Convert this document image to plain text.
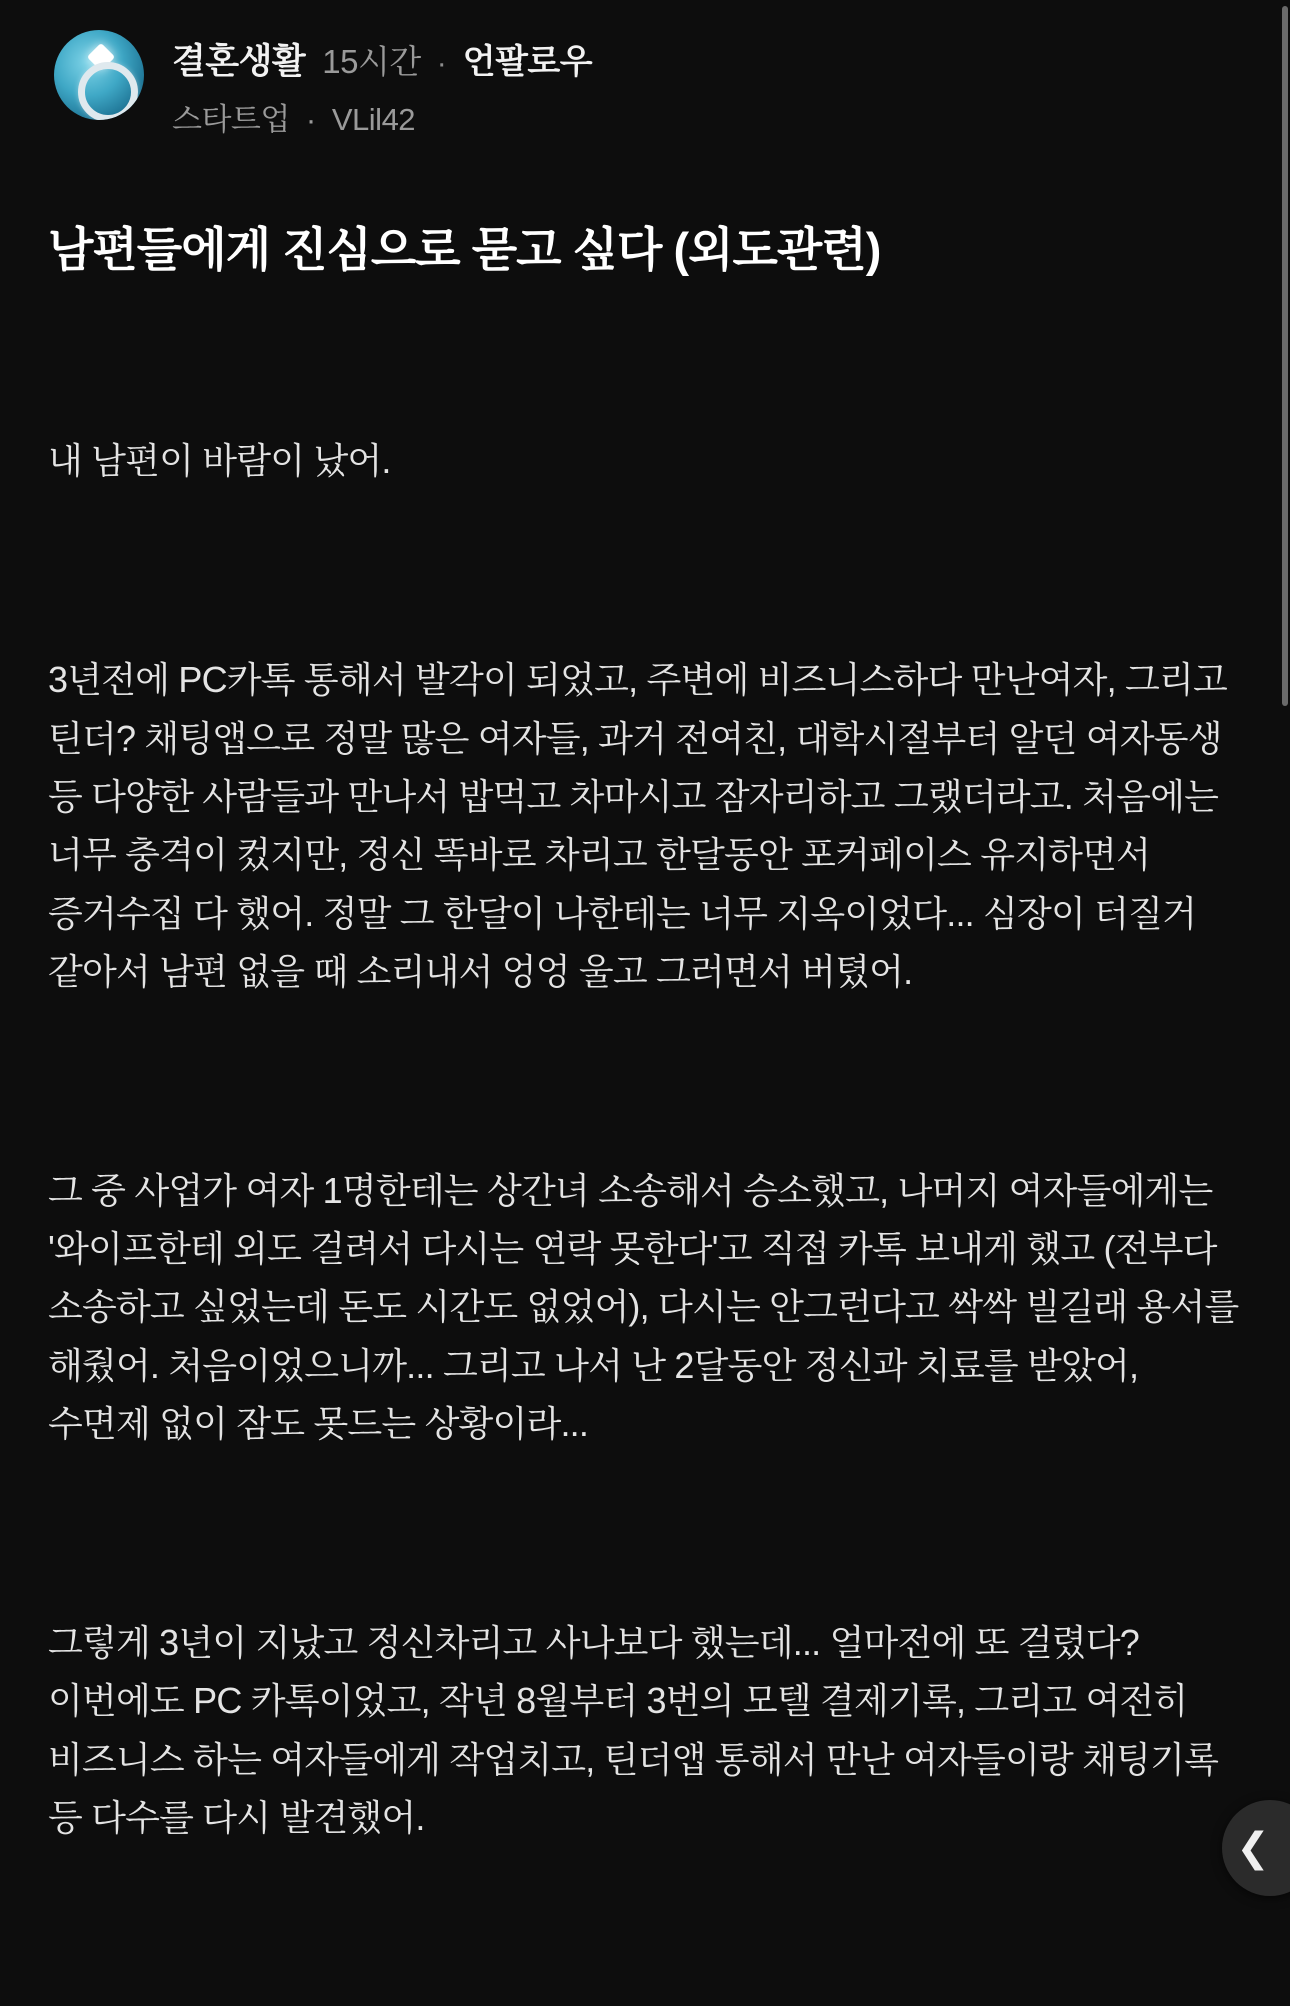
결혼생활 15시간 · 언팔로우
스타트업 · VLil42
남편들에게 진심으로 묻고 싶다 (외도관련)

내 남편이 바람이 났어.

3년전에 PC카톡 통해서 발각이 되었고, 주변에 비즈니스하다 만난여자, 그리고 틴더? 채팅앱으로 정말 많은 여자들, 과거 전여친, 대학시절부터 알던 여자동생 등 다양한 사람들과 만나서 밥먹고 차마시고 잠자리하고 그랬더라고. 처음에는 너무 충격이 컸지만, 정신 똑바로 차리고 한달동안 포커페이스 유지하면서 증거수집 다 했어. 정말 그 한달이 나한테는 너무 지옥이었다... 심장이 터질거 같아서 남편 없을 때 소리내서 엉엉 울고 그러면서 버텼어.

그 중 사업가 여자 1명한테는 상간녀 소송해서 승소했고, 나머지 여자들에게는 '와이프한테 외도 걸려서 다시는 연락 못한다'고 직접 카톡 보내게 했고 (전부다 소송하고 싶었는데 돈도 시간도 없었어), 다시는 안그런다고 싹싹 빌길래 용서를 해줬어. 처음이었으니까... 그리고 나서 난 2달동안 정신과 치료를 받았어, 수면제 없이 잠도 못드는 상황이라...

그렇게 3년이 지났고 정신차리고 사나보다 했는데... 얼마전에 또 걸렸다? 이번에도 PC 카톡이었고, 작년 8월부터 3번의 모텔 결제기록, 그리고 여전히 비즈니스 하는 여자들에게 작업치고, 틴더앱 통해서 만난 여자들이랑 채팅기록 등 다수를 다시 발견했어.

❮
